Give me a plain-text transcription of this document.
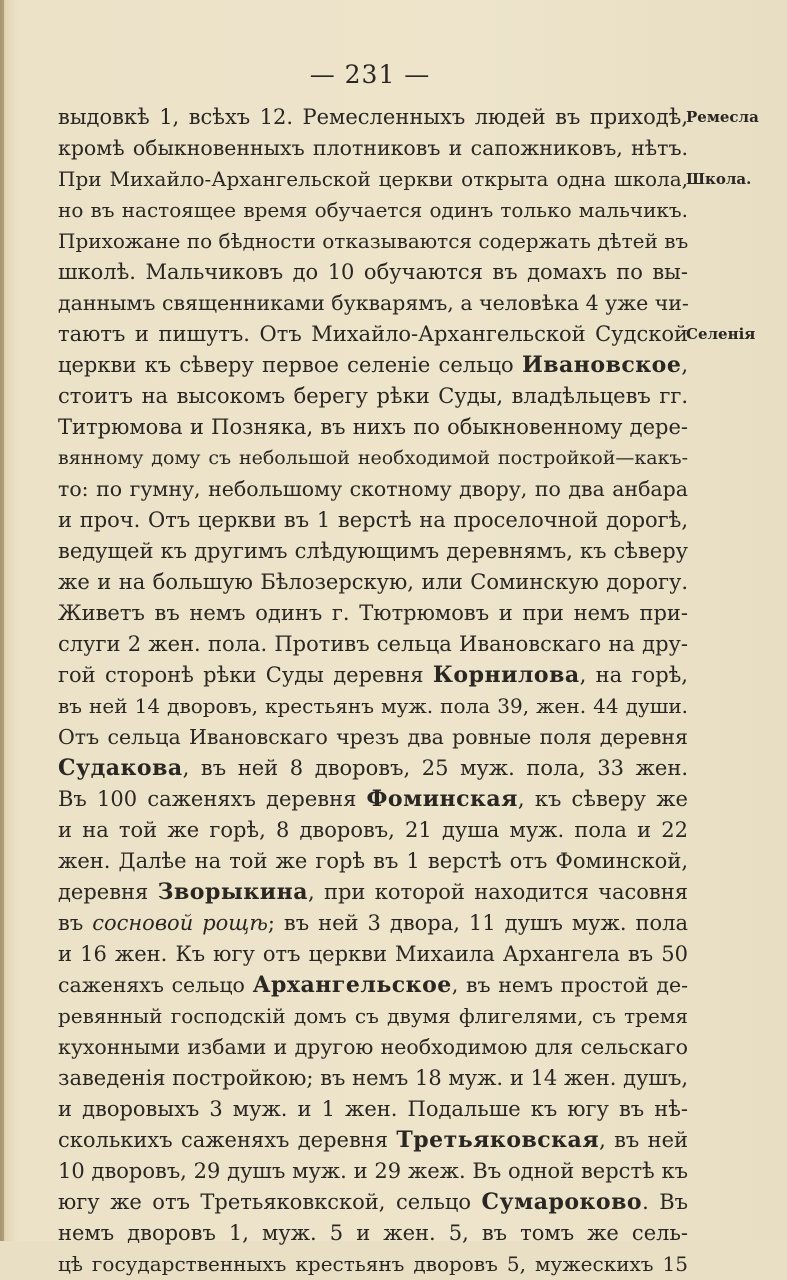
— 231 —
выдовкѣ 1, всѣхъ 12. Ремесленныхъ людей въ приходѣ,
кромѣ обыкновенныхъ плотниковъ и сапожниковъ, нѣтъ.
При Михайло-Архангельской церкви открыта одна школа,
но въ настоящее время обучается одинъ только мальчикъ.
Прихожане по бѣдности отказываются содержать дѣтей въ
школѣ. Мальчиковъ до 10 обучаются въ домахъ по вы-
даннымъ священниками букварямъ, а человѣка 4 уже чи-
таютъ и пишутъ. Отъ Михайло-Архангельской Судской
церкви къ сѣверу первое селеніе сельцо Ивановское,
стоитъ на высокомъ берегу рѣки Суды, владѣльцевъ гг.
Титрюмова и Позняка, въ нихъ по обыкновенному дере-
вянному дому съ небольшой необходимой постройкой—какъ-
то: по гумну, небольшому скотному двору, по два анбара
и проч. Отъ церкви въ 1 верстѣ на проселочной дорогѣ,
ведущей къ другимъ слѣдующимъ деревнямъ, къ сѣверу
же и на большую Бѣлозерскую, или Соминскую дорогу.
Живетъ въ немъ одинъ г. Тютрюмовъ и при немъ при-
слуги 2 жен. пола. Противъ сельца Ивановскаго на дру-
гой сторонѣ рѣки Суды деревня Корнилова, на горѣ,
въ ней 14 дворовъ, крестьянъ муж. пола 39, жен. 44 души.
Отъ сельца Ивановскаго чрезъ два ровные поля деревня
Судакова, въ ней 8 дворовъ, 25 муж. пола, 33 жен.
Въ 100 саженяхъ деревня Фоминская, къ сѣверу же
и на той же горѣ, 8 дворовъ, 21 душа муж. пола и 22
жен. Далѣе на той же горѣ въ 1 верстѣ отъ Фоминской,
деревня Зворыкина, при которой находится часовня
въ сосновой рощѣ; въ ней 3 двора, 11 душъ муж. пола
и 16 жен. Къ югу отъ церкви Михаила Архангела въ 50
саженяхъ сельцо Архангельское, въ немъ простой де-
ревянный господскій домъ съ двумя флигелями, съ тремя
кухонными избами и другою необходимою для сельскаго
заведенія постройкою; въ немъ 18 муж. и 14 жен. душъ,
и дворовыхъ 3 муж. и 1 жен. Подальше къ югу въ нѣ-
сколькихъ саженяхъ деревня Третьяковская, въ ней
10 дворовъ, 29 душъ муж. и 29 жеж. Въ одной верстѣ къ
югу же отъ Третьяковкской, сельцо Сумароково. Въ
немъ дворовъ 1, муж. 5 и жен. 5, въ томъ же сель-
цѣ государственныхъ крестьянъ дворовъ 5, мужескихъ 15
Ремесла
Школа.
Селенія
